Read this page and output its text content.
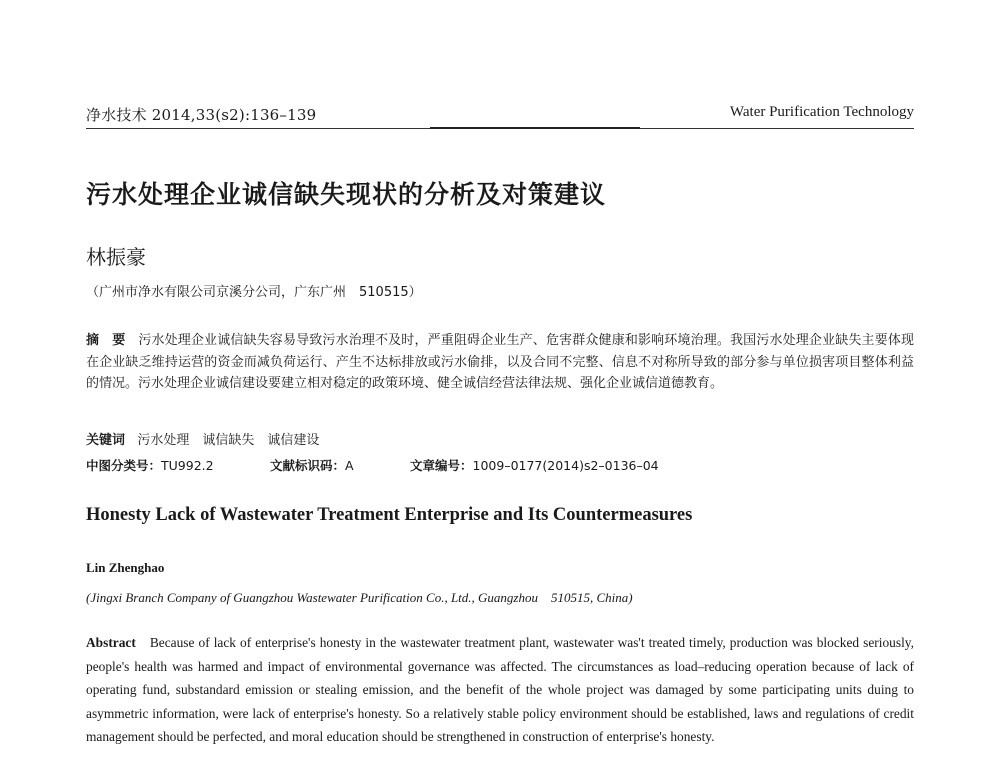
净水技术 2014,33(s2):136–139	Water Purification Technology
污水处理企业诚信缺失现状的分析及对策建议
林振豪
（广州市净水有限公司京溪分公司，广东广州　510515）
摘　要 污水处理企业诚信缺失容易导致污水治理不及时，严重阻碍企业生产、危害群众健康和影响环境治理。我国污水处理企业缺失主要体现在企业缺乏维持运营的资金而减负荷运行、产生不达标排放或污水偷排，以及合同不完整、信息不对称所导致的部分参与单位损害项目整体利益的情况。污水处理企业诚信建设要建立相对稳定的政策环境、健全诚信经营法律法规、强化企业诚信道德教育。
关键词 污水处理　诚信缺失　诚信建设
中图分类号：TU992.2	文献标识码：A	文章编号：1009–0177(2014)s2–0136–04
Honesty Lack of Wastewater Treatment Enterprise and Its Countermeasures
Lin Zhenghao
(Jingxi Branch Company of Guangzhou Wastewater Purification Co., Ltd., Guangzhou　510515, China)
Abstract Because of lack of enterprise's honesty in the wastewater treatment plant, wastewater was't treated timely, production was blocked seriously, people's health was harmed and impact of environmental governance was affected. The circumstances as load–reducing operation because of lack of operating fund, substandard emission or stealing emission, and the benefit of the whole project was damaged by some participating units duing to asymmetric information, were lack of enterprise's honesty. So a relatively stable policy environment should be established, laws and regulations of credit management should be perfected, and moral education should be strengthened in construction of enterprise's honesty.
